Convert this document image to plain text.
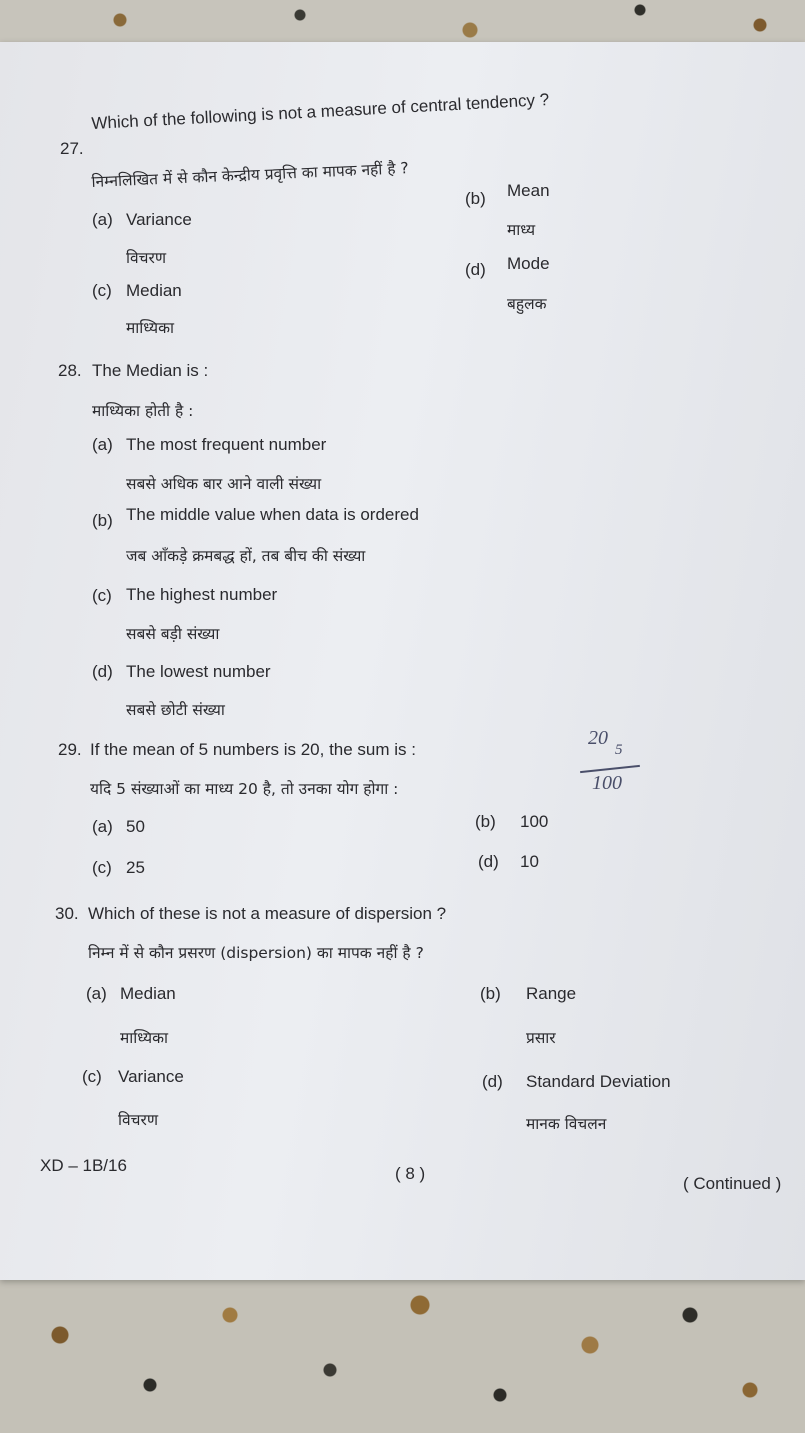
27.
Which of the following is not a measure of central tendency ?
निम्नलिखित में से कौन केन्द्रीय प्रवृत्ति का मापक नहीं है ?
(a) Variance
विचरण
(b) Mean
माध्य
(c) Median
माध्यिका
(d) Mode
बहुलक
28. The Median is :
माध्यिका होती है :
(a) The most frequent number
सबसे अधिक बार आने वाली संख्या
(b) The middle value when data is ordered
जब आँकड़े क्रमबद्ध हों, तब बीच की संख्या
(c) The highest number
सबसे बड़ी संख्या
(d) The lowest number
सबसे छोटी संख्या
29. If the mean of 5 numbers is 20, the sum is :
यदि 5 संख्याओं का माध्य 20 है, तो उनका योग होगा :
(a) 50	(b) 100
(c) 25	(d) 10
20
5
100
30. Which of these is not a measure of dispersion ?
निम्न में से कौन प्रसरण (dispersion) का मापक नहीं है ?
(a) Median
माध्यिका
(b) Range
प्रसार
(c) Variance
विचरण
(d) Standard Deviation
मानक विचलन
XD – 1B/16	( 8 )
( Continued )
